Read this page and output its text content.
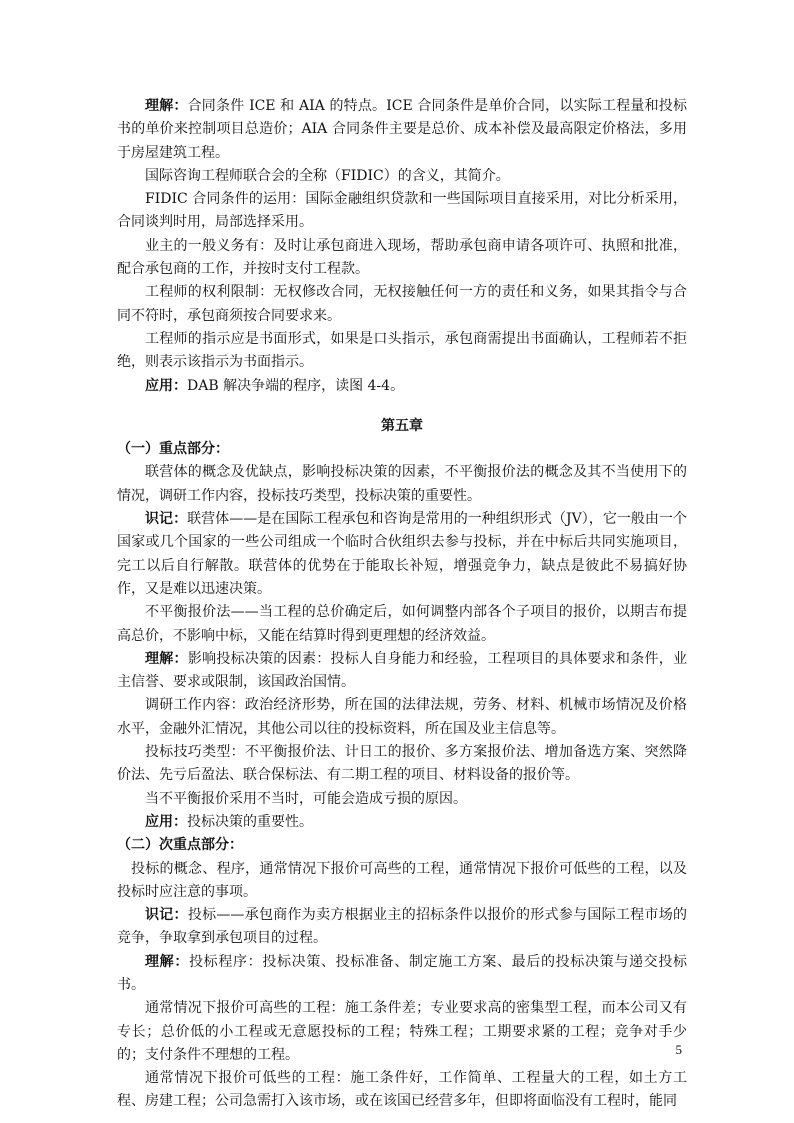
理解：合同条件 ICE 和 AIA 的特点。ICE 合同条件是单价合同，以实际工程量和投标书的单价来控制项目总造价；AIA 合同条件主要是总价、成本补偿及最高限定价格法，多用于房屋建筑工程。

国际咨询工程师联合会的全称（FIDIC）的含义，其简介。

FIDIC 合同条件的运用：国际金融组织贷款和一些国际项目直接采用，对比分析采用，合同谈判时用，局部选择采用。

业主的一般义务有：及时让承包商进入现场，帮助承包商申请各项许可、执照和批准，配合承包商的工作，并按时支付工程款。

工程师的权利限制：无权修改合同，无权接触任何一方的责任和义务，如果其指令与合同不符时，承包商须按合同要求来。

工程师的指示应是书面形式，如果是口头指示，承包商需提出书面确认，工程师若不拒绝，则表示该指示为书面指示。

应用：DAB 解决争端的程序，读图 4-4。

第五章

（一）重点部分：

联营体的概念及优缺点，影响投标决策的因素，不平衡报价法的概念及其不当使用下的情况，调研工作内容，投标技巧类型，投标决策的重要性。

识记：联营体——是在国际工程承包和咨询是常用的一种组织形式（JV），它一般由一个国家或几个国家的一些公司组成一个临时合伙组织去参与投标，并在中标后共同实施项目，完工以后自行解散。联营体的优势在于能取长补短，增强竞争力，缺点是彼此不易搞好协作，又是难以迅速决策。

不平衡报价法——当工程的总价确定后，如何调整内部各个子项目的报价，以期吉布提高总价，不影响中标，又能在结算时得到更理想的经济效益。

理解：影响投标决策的因素：投标人自身能力和经验，工程项目的具体要求和条件，业主信誉、要求或限制，该国政治国情。

调研工作内容：政治经济形势，所在国的法律法规，劳务、材料、机械市场情况及价格水平，金融外汇情况，其他公司以往的投标资料，所在国及业主信息等。

投标技巧类型：不平衡报价法、计日工的报价、多方案报价法、增加备选方案、突然降价法、先亏后盈法、联合保标法、有二期工程的项目、材料设备的报价等。

当不平衡报价采用不当时，可能会造成亏损的原因。

应用：投标决策的重要性。

（二）次重点部分：

投标的概念、程序，通常情况下报价可高些的工程，通常情况下报价可低些的工程，以及投标时应注意的事项。

识记：投标——承包商作为卖方根据业主的招标条件以报价的形式参与国际工程市场的竞争，争取拿到承包项目的过程。

理解：投标程序：投标决策、投标准备、制定施工方案、最后的投标决策与递交投标书。

通常情况下报价可高些的工程：施工条件差；专业要求高的密集型工程，而本公司又有专长；总价低的小工程或无意愿投标的工程；特殊工程；工期要求紧的工程；竞争对手少的；支付条件不理想的工程。

通常情况下报价可低些的工程：施工条件好，工作简单、工程量大的工程，如土方工程、房建工程；公司急需打入该市场，或在该国已经营多年，但即将面临没有工程时，能同

5
